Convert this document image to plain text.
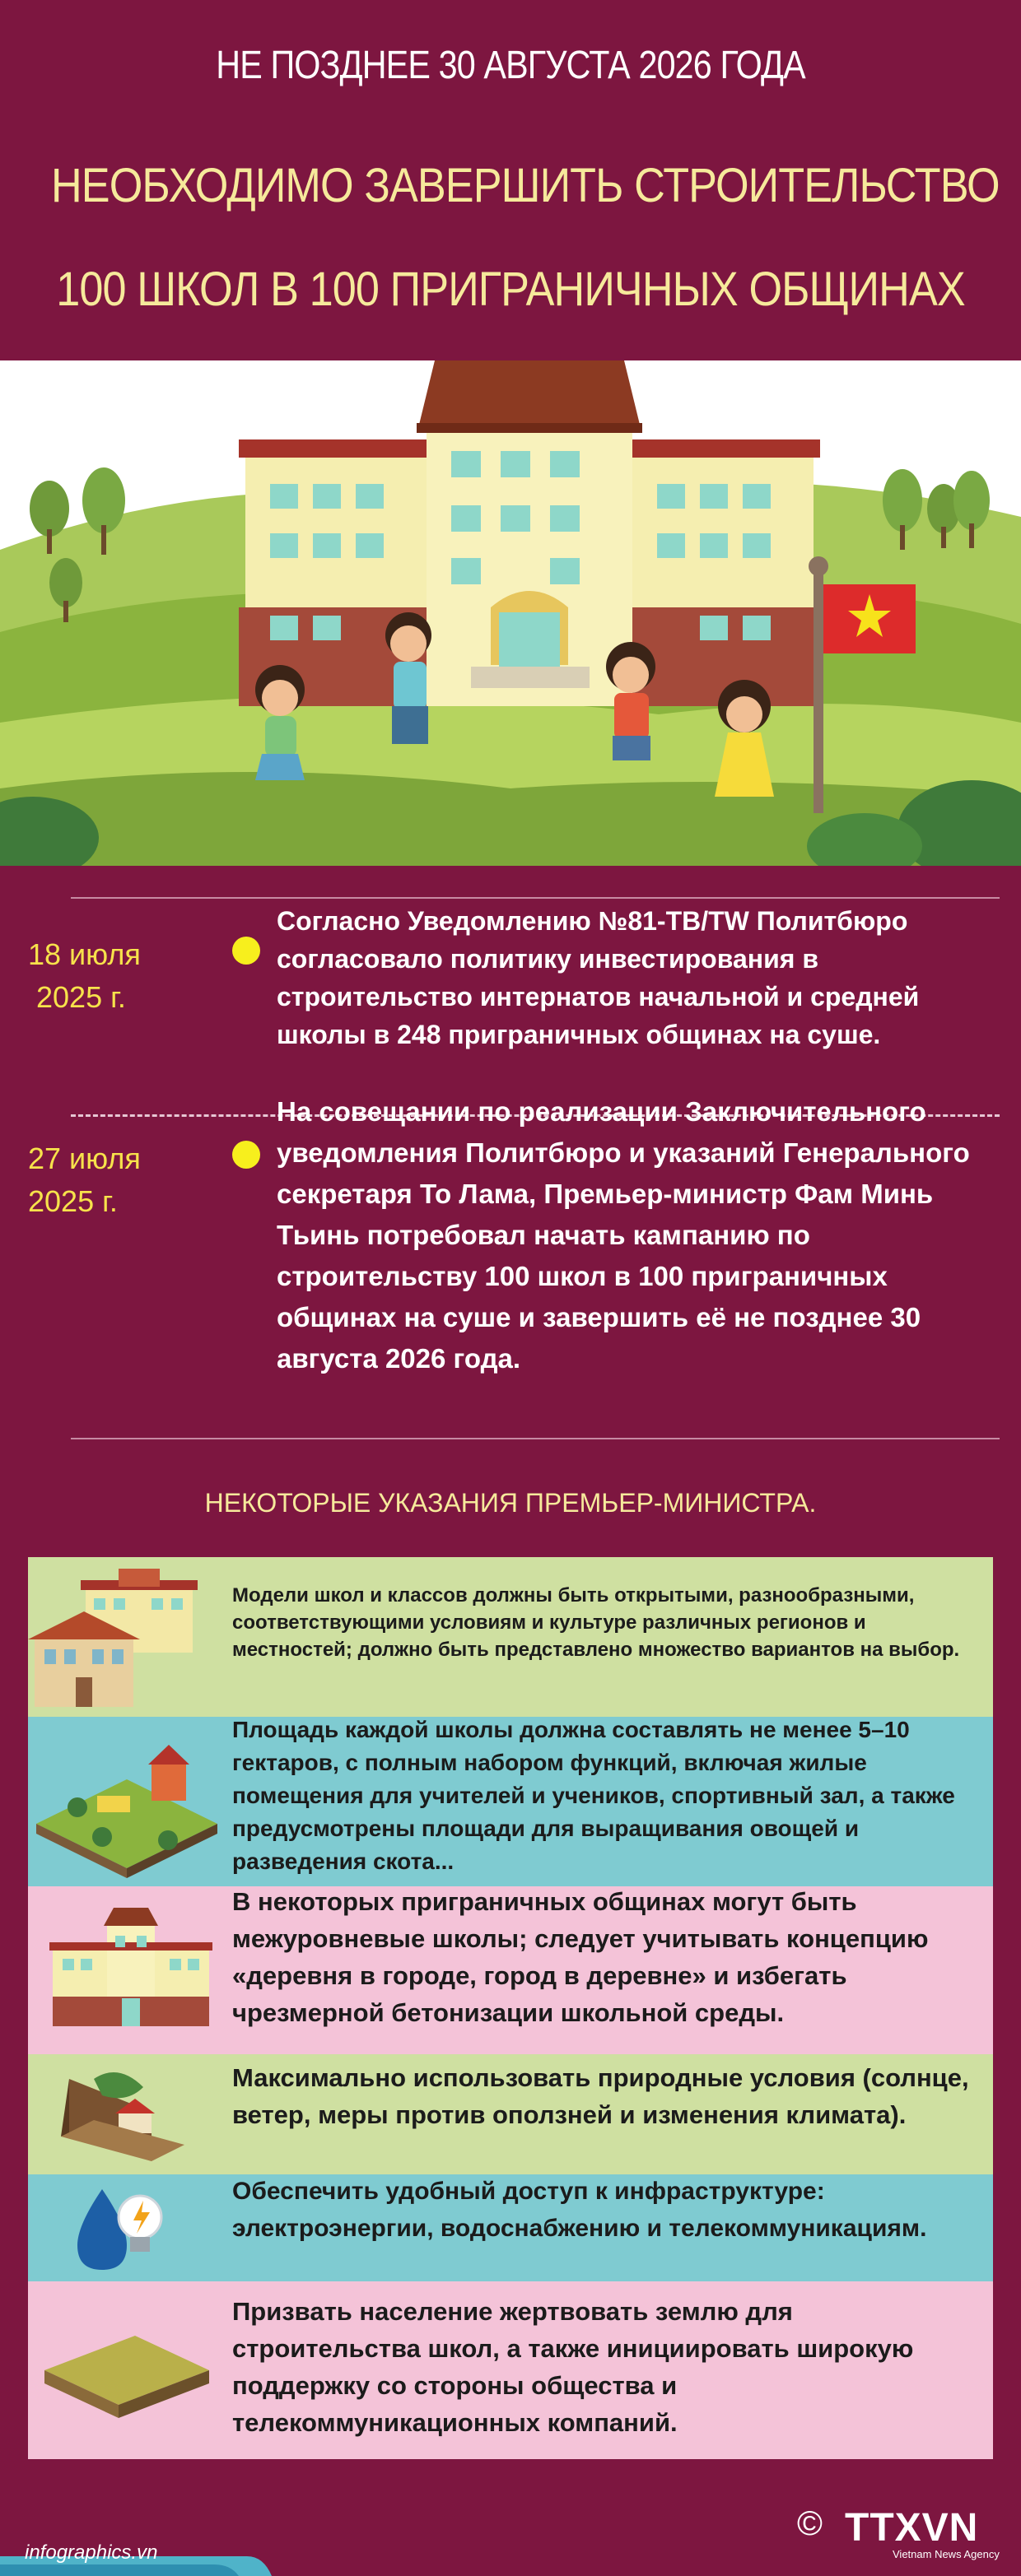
НЕ ПОЗДНЕЕ 30 АВГУСТА 2026 ГОДА
НЕОБХОДИМО ЗАВЕРШИТЬ СТРОИТЕЛЬСТВО
100 ШКОЛ В 100 ПРИГРАНИЧНЫХ ОБЩИНАХ
18 июля
2025 г.
Согласно Уведомлению №81-TB/TW Политбюро согласовало политику инвестирования в строительство интернатов начальной и средней школы в 248 приграничных общинах на суше.
27 июля
2025 г.
На совещании по реализации Заключительного уведомления Политбюро и указаний Генерального секретаря То Лама, Премьер-министр Фам Минь Тьинь потребовал начать кампанию по строительству 100 школ в 100 приграничных общинах на суше и завершить её не позднее 30 августа 2026 года.
НЕКОТОРЫЕ УКАЗАНИЯ ПРЕМЬЕР-МИНИСТРА.
Модели школ и классов должны быть открытыми, разнообразными, соответствующими условиям и культуре различных регионов и местностей; должно быть представлено множество вариантов на выбор.
Площадь каждой школы должна составлять не менее 5–10 гектаров, с полным набором функций, включая жилые помещения для учителей и учеников, спортивный зал, а также предусмотрены площади для выращивания овощей и разведения скота...
В некоторых приграничных общинах могут быть межуровневые школы; следует учитывать концепцию «деревня в городе, город в деревне» и избегать чрезмерной бетонизации школьной среды.
Максимально использовать природные условия (солнце, ветер, меры против оползней и изменения климата).
Обеспечить удобный доступ к инфраструктуре: электроэнергии, водоснабжению и телекоммуникациям.
Призвать население жертвовать землю для строительства школ, а также инициировать широкую поддержку со стороны общества и телекоммуникационных компаний.
infographics.vn
© TTXVN
Vietnam News Agency
